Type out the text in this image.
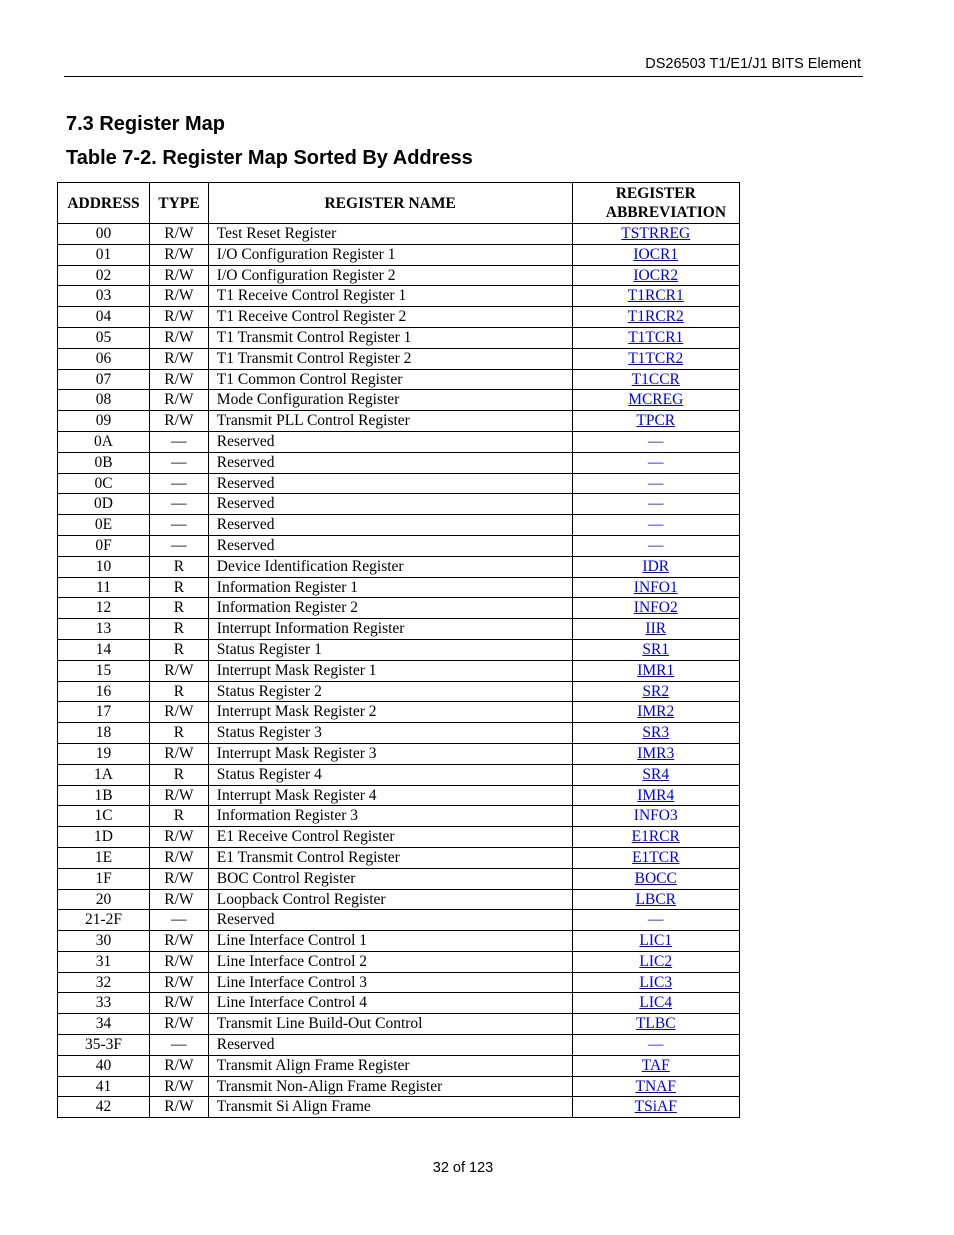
DS26503 T1/E1/J1 BITS Element
7.3 Register Map
Table 7-2. Register Map Sorted By Address
ADDRESS	TYPE	REGISTER NAME	REGISTER ABBREVIATION
00	R/W	Test Reset Register	TSTRREG
01	R/W	I/O Configuration Register 1	IOCR1
02	R/W	I/O Configuration Register 2	IOCR2
03	R/W	T1 Receive Control Register 1	T1RCR1
04	R/W	T1 Receive Control Register 2	T1RCR2
05	R/W	T1 Transmit Control Register 1	T1TCR1
06	R/W	T1 Transmit Control Register 2	T1TCR2
07	R/W	T1 Common Control Register	T1CCR
08	R/W	Mode Configuration Register	MCREG
09	R/W	Transmit PLL Control Register	TPCR
0A	—	Reserved	—
0B	—	Reserved	—
0C	—	Reserved	—
0D	—	Reserved	—
0E	—	Reserved	—
0F	—	Reserved	—
10	R	Device Identification Register	IDR
11	R	Information Register 1	INFO1
12	R	Information Register 2	INFO2
13	R	Interrupt Information Register	IIR
14	R	Status Register 1	SR1
15	R/W	Interrupt Mask Register 1	IMR1
16	R	Status Register 2	SR2
17	R/W	Interrupt Mask Register 2	IMR2
18	R	Status Register 3	SR3
19	R/W	Interrupt Mask Register 3	IMR3
1A	R	Status Register 4	SR4
1B	R/W	Interrupt Mask Register 4	IMR4
1C	R	Information Register 3	INFO3
1D	R/W	E1 Receive Control Register	E1RCR
1E	R/W	E1 Transmit Control Register	E1TCR
1F	R/W	BOC Control Register	BOCC
20	R/W	Loopback Control Register	LBCR
21-2F	—	Reserved	—
30	R/W	Line Interface Control 1	LIC1
31	R/W	Line Interface Control 2	LIC2
32	R/W	Line Interface Control 3	LIC3
33	R/W	Line Interface Control 4	LIC4
34	R/W	Transmit Line Build-Out Control	TLBC
35-3F	—	Reserved	—
40	R/W	Transmit Align Frame Register	TAF
41	R/W	Transmit Non-Align Frame Register	TNAF
42	R/W	Transmit Si Align Frame	TSiAF
32 of 123
